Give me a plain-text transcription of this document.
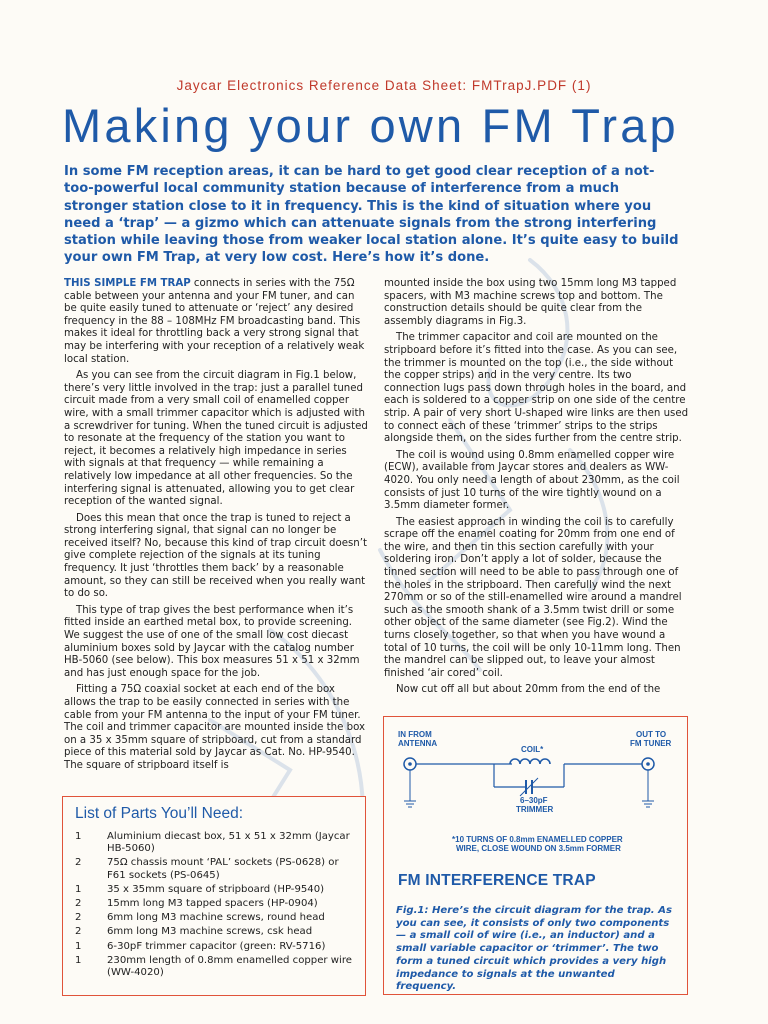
Jaycar Electronics Reference Data Sheet: FMTrapJ.PDF (1)
Making your own FM Trap

In some FM reception areas, it can be hard to get good clear reception of a not-too-powerful local community station because of interference from a much stronger station close to it in frequency. This is the kind of situation where you need a ‘trap’ — a gizmo which can attenuate signals from the strong interfering station while leaving those from weaker local station alone. It’s quite easy to build your own FM Trap, at very low cost. Here’s how it’s done.

THIS SIMPLE FM TRAP connects in series with the 75Ω cable between your antenna and your FM tuner, and can be quite easily tuned to attenuate or ‘reject’ any desired frequency in the 88 – 108MHz FM broadcasting band. This makes it ideal for throttling back a very strong signal that may be interfering with your reception of a relatively weak local station.

As you can see from the circuit diagram in Fig.1 below, there’s very little involved in the trap: just a parallel tuned circuit made from a very small coil of enamelled copper wire, with a small trimmer capacitor which is adjusted with a screwdriver for tuning. When the tuned circuit is adjusted to resonate at the frequency of the station you want to reject, it becomes a relatively high impedance in series with signals at that frequency — while remaining a relatively low impedance at all other frequencies. So the interfering signal is attenuated, allowing you to get clear reception of the wanted signal.

Does this mean that once the trap is tuned to reject a strong interfering signal, that signal can no longer be received itself? No, because this kind of trap circuit doesn’t give complete rejection of the signals at its tuning frequency. It just ‘throttles them back’ by a reasonable amount, so they can still be received when you really want to do so.

This type of trap gives the best performance when it’s fitted inside an earthed metal box, to provide screening. We suggest the use of one of the small low cost diecast aluminium boxes sold by Jaycar with the catalog number HB-5060 (see below). This box measures 51 x 51 x 32mm and has just enough space for the job.

Fitting a 75Ω coaxial socket at each end of the box allows the trap to be easily connected in series with the cable from your FM antenna to the input of your FM tuner. The coil and trimmer capacitor are mounted inside the box on a 35 x 35mm square of stripboard, cut from a standard piece of this material sold by Jaycar as Cat. No. HP-9540. The square of stripboard itself is

mounted inside the box using two 15mm long M3 tapped spacers, with M3 machine screws top and bottom. The construction details should be quite clear from the assembly diagrams in Fig.3.

The trimmer capacitor and coil are mounted on the stripboard before it’s fitted into the case. As you can see, the trimmer is mounted on the top (i.e., the side without the copper strips) and in the very centre. Its two connection lugs pass down through holes in the board, and each is soldered to a copper strip on one side of the centre strip. A pair of very short U-shaped wire links are then used to connect each of these ‘trimmer’ strips to the strips alongside them, on the sides further from the centre strip.

The coil is wound using 0.8mm enamelled copper wire (ECW), available from Jaycar stores and dealers as WW-4020. You only need a length of about 230mm, as the coil consists of just 10 turns of the wire tightly wound on a 3.5mm diameter former.

The easiest approach in winding the coil is to carefully scrape off the enamel coating for 20mm from one end of the wire, and then tin this section carefully with your soldering iron. Don’t apply a lot of solder, because the tinned section will need to be able to pass through one of the holes in the stripboard. Then carefully wind the next 270mm or so of the still-enamelled wire around a mandrel such as the smooth shank of a 3.5mm twist drill or some other object of the same diameter (see Fig.2). Wind the turns closely together, so that when you have wound a total of 10 turns, the coil will be only 10-11mm long. Then the mandrel can be slipped out, to leave your almost finished ‘air cored’ coil.

Now cut off all but about 20mm from the end of the

List of Parts You’ll Need:
1	Aluminium diecast box, 51 x 51 x 32mm (Jaycar HB-5060)
2	75Ω chassis mount ‘PAL’ sockets (PS-0628) or F61 sockets (PS-0645)
1	35 x 35mm square of stripboard (HP-9540)
2	15mm long M3 tapped spacers (HP-0904)
2	6mm long M3 machine screws, round head
2	6mm long M3 machine screws, csk head
1	6-30pF trimmer capacitor (green: RV-5716)
1	230mm length of 0.8mm enamelled copper wire (WW-4020)
IN FROM
ANTENNA
OUT TO
FM TUNER
COIL*
6–30pF
TRIMMER
*10 TURNS OF 0.8mm ENAMELLED COPPER
WIRE, CLOSE WOUND ON 3.5mm FORMER
FM INTERFERENCE TRAP

Fig.1: Here’s the circuit diagram for the trap. As you can see, it consists of only two components — a small coil of wire (i.e., an inductor) and a small variable capacitor or ‘trimmer’. The two form a tuned circuit which provides a very high impedance to signals at the unwanted frequency.
